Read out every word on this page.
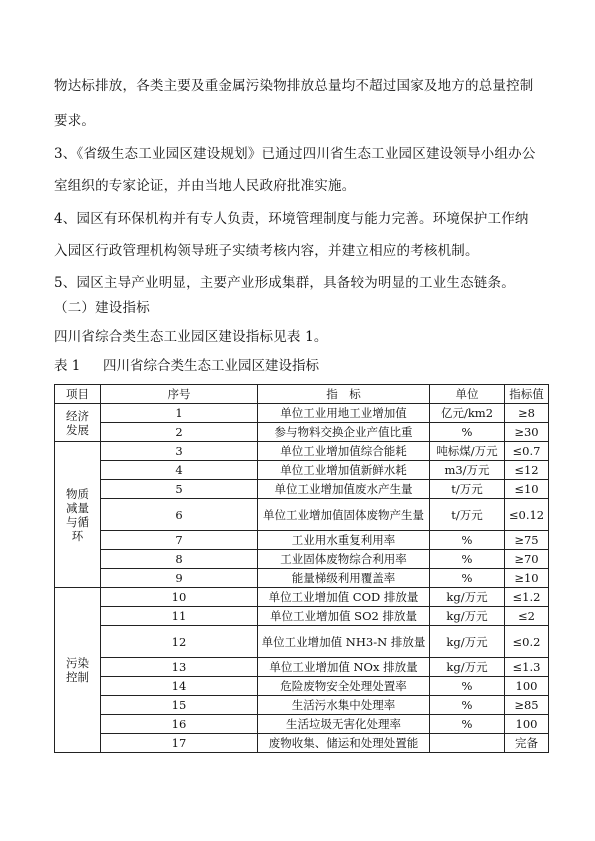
物达标排放，各类主要及重金属污染物排放总量均不超过国家及地方的总量控制
要求。
3、《省级生态工业园区建设规划》已通过四川省生态工业园区建设领导小组办公
室组织的专家论证，并由当地人民政府批准实施。
4、园区有环保机构并有专人负责，环境管理制度与能力完善。环境保护工作纳
入园区行政管理机构领导班子实绩考核内容，并建立相应的考核机制。
5、园区主导产业明显，主要产业形成集群，具备较为明显的工业生态链条。
（二）建设指标
四川省综合类生态工业园区建设指标见表 1。
表 1 四川省综合类生态工业园区建设指标
项目	序号	指　标	单位	指标值
经济
发展	1	单位工业用地工业增加值	亿元/km2	≥8
	2	参与物料交换企业产值比重	%	≥30
物质
减量
与循
环	3	单位工业增加值综合能耗	吨标煤/万元	≤0.7
	4	单位工业增加值新鲜水耗	m3/万元	≤12
	5	单位工业增加值废水产生量	t/万元	≤10
	6	单位工业增加值固体废物产生量	t/万元	≤0.12
	7	工业用水重复利用率	%	≥75
	8	工业固体废物综合利用率	%	≥70
	9	能量梯级利用覆盖率	%	≥10
污染
控制	10	单位工业增加值 COD 排放量	kg/万元	≤1.2
	11	单位工业增加值 SO2 排放量	kg/万元	≤2
	12	单位工业增加值 NH3-N 排放量	kg/万元	≤0.2
	13	单位工业增加值 NOx 排放量	kg/万元	≤1.3
	14	危险废物安全处理处置率	%	100
	15	生活污水集中处理率	%	≥85
	16	生活垃圾无害化处理率	%	100
	17	废物收集、储运和处理处置能		完备
